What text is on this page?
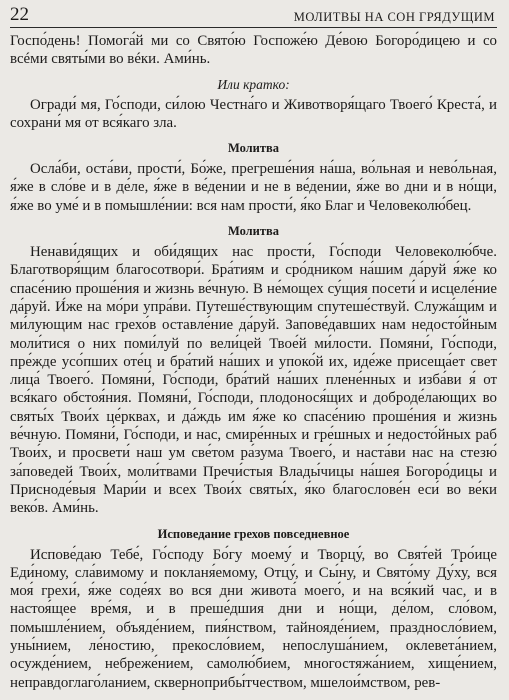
22	МОЛИТВЫ НА СОН ГРЯДУЩИМ

Госпо́день! Помога́й ми со Свято́ю Госпоже́ю Де́вою Богоро́дицею и со всéми святы́ми во вéки. Ами́нь.

Или кратко:

Огради́ мя, Го́споди, си́лою Честна́го и Животворя́щаго Твоего́ Креста́, и сохрани́ мя от вся́каго зла.

Молитва

Осла́би, оста́ви, прости́, Бо́же, прегреше́ния на́ша, во́льная и нево́льная, я́же в сло́ве и в де́ле, я́же в ве́дении и не в ве́дении, я́же во дни и в но́щи, я́же во уме́ и в помышле́нии: вся нам прости́, я́ко Благ и Человеколю́бец.

Молитва

Ненави́дящих и оби́дящих нас прости́, Го́споди Человеколю́бче. Благотворя́щим благосотвори́. Бра́тиям и сро́дником на́шим да́руй я́же ко спасе́нию проше́ния и жизнь ве́чную. В не́мощех су́щия посети́ и исцеле́ние да́руй. И́же на мо́ри упра́ви. Путеше́ствующим спутеше́ствуй. Служа́щим и ми́лующим нас грехо́в оставле́ние да́руй. Запове́давших нам недосто́йным моли́тися о них поми́луй по вели́цей Твое́й ми́лости. Помяни́, Го́споди, пре́жде усо́пших оте́ц и бра́тий на́ших и упоко́й их, иде́же присеща́ет свет лица́ Твоего́. Помяни́, Го́споди, бра́тий на́ших плене́нных и изба́ви я́ от вся́каго обстоя́ния. Помяни́, Го́споди, плодонося́щих и доброде́лающих во святы́х Твои́х це́рквах, и да́ждь им я́же ко спасе́нию проше́ния и жизнь ве́чную. Помяни́, Го́споди, и нас, смире́нных и гре́шных и недосто́йных раб Твои́х, и просвети́ наш ум све́том ра́зума Твоего́, и наста́ви нас на стезю́ за́поведей Твои́х, моли́твами Пречи́стыя Влады́чицы на́шея Богоро́дицы и Присноде́выя Мари́и и всех Твои́х святы́х, я́ко благослове́н еси́ во ве́ки веко́в. Ами́нь.

Исповедание грехов повседневное

Испове́даю Тебе́, Го́споду Бо́гу моему́ и Творцу́, во Свят́ей Тро́ице Еди́ному, сла́вимому и покланя́емому, Отцу́, и Сы́ну, и Свято́му Ду́ху, вся моя́ грехи́, я́же соде́ях во вся дни живота́ моего́, и на вся́кий час, и в настоя́щее вре́мя, и в преше́дшия дни и но́щи, де́лом, сло́вом, помышле́нием, объяде́нием, пия́нством, тайнояде́нием, праздносло́вием, уны́нием, ле́ностию, прекосло́вием, непослуша́нием, оклевета́нием, осужде́нием, небреже́нием, самолю́бием, многостяжа́нием, хище́нием, неправдоглаго́ланием, скверноприбы́тчеством, мшелои́мством, рев-
